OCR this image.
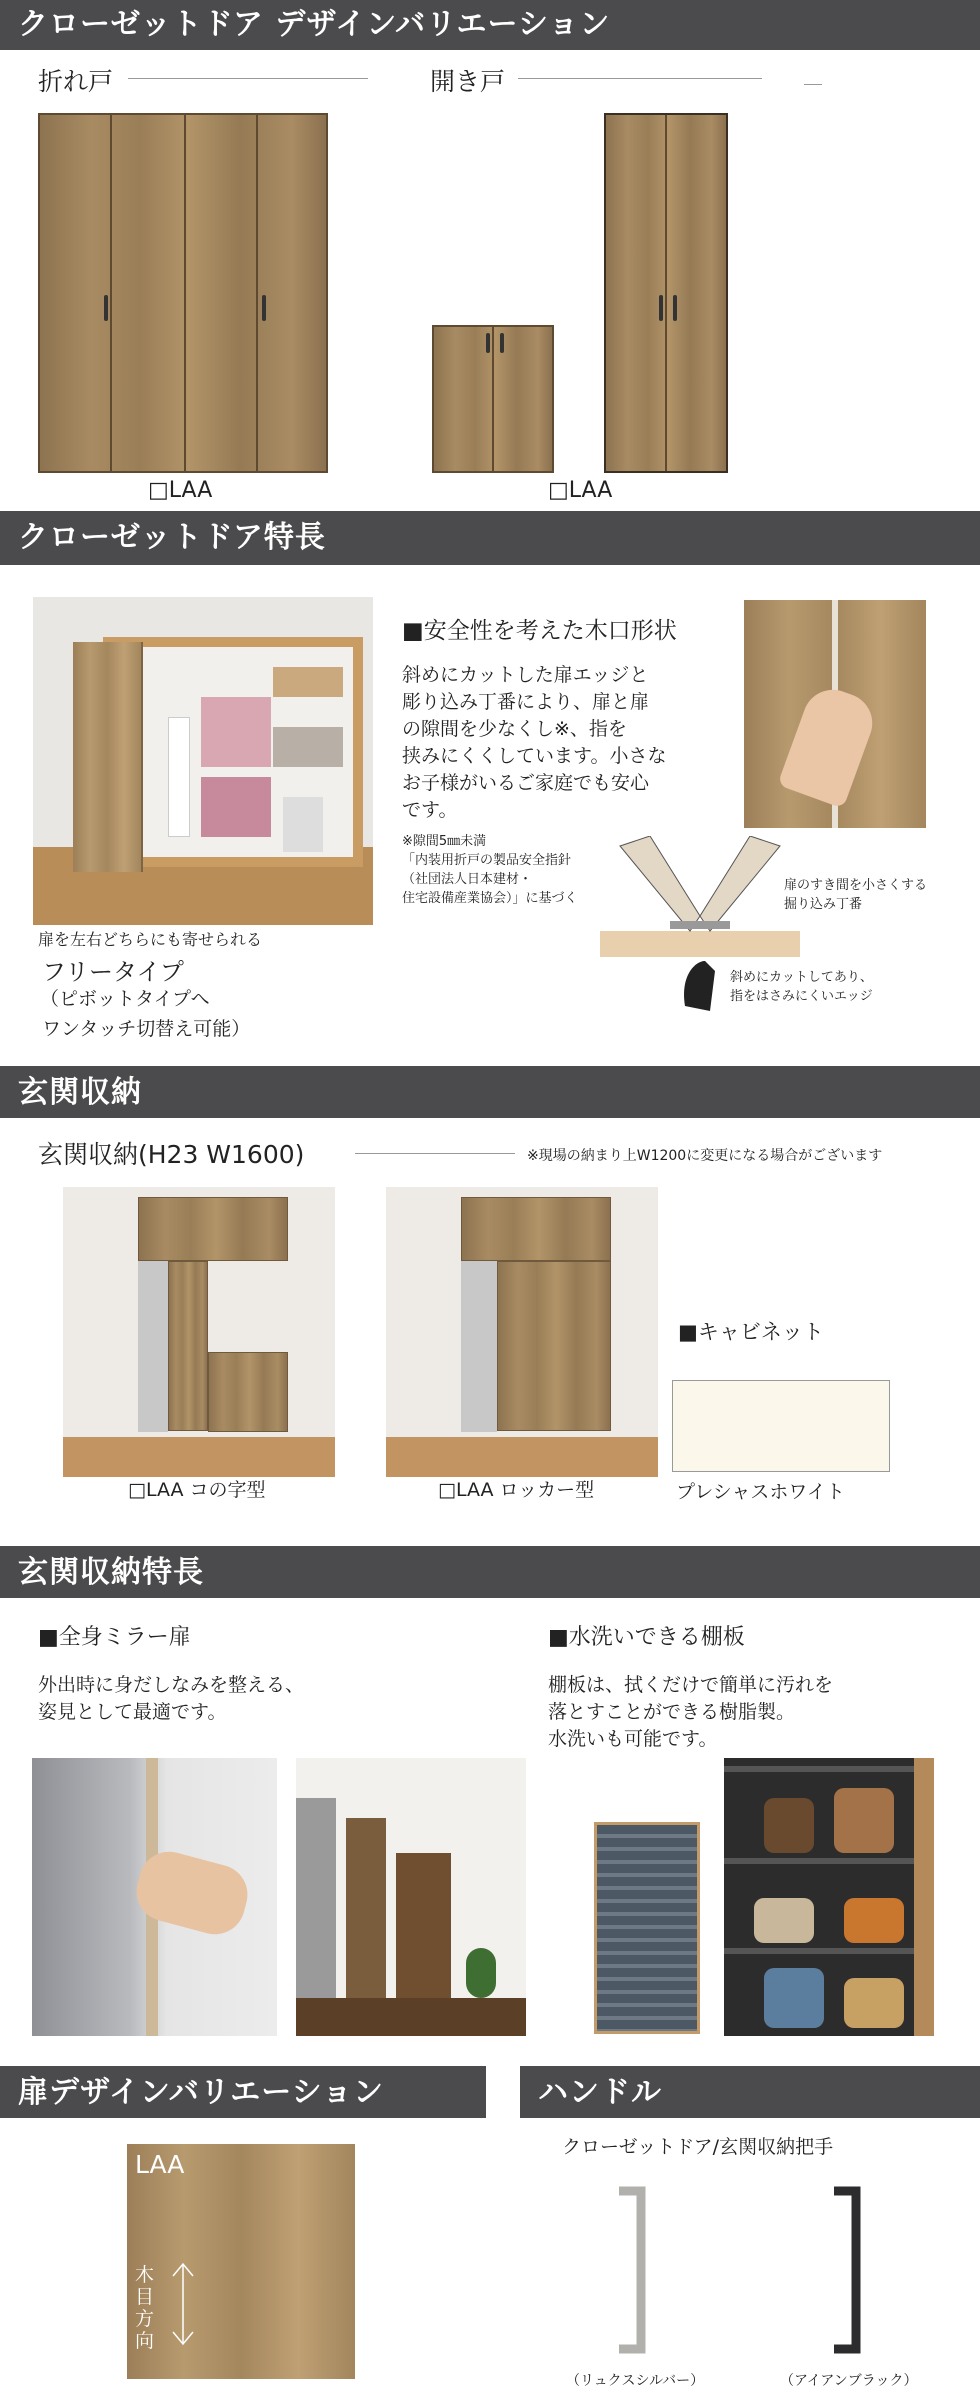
クローゼットドア デザインバリエーション
折れ戸	開き戸
□LAA	□LAA
クローゼットドア特長
扉を左右どちらにも寄せられる
フリータイプ
（ピボットタイプへ
ワンタッチ切替え可能）
■安全性を考えた木口形状
斜めにカットした扉エッジと
彫り込み丁番により、扉と扉
の隙間を少なくし※、指を
挟みにくくしています。小さな
お子様がいるご家庭でも安心
です。
※隙間5㎜未満
「内装用折戸の製品安全指針
（社団法人日本建材・
住宅設備産業協会）」に基づく
扉のすき間を小さくする
掘り込み丁番
斜めにカットしてあり、
指をはさみにくいエッジ
玄関収納
玄関収納(H23 W1600)	※現場の納まり上W1200に変更になる場合がございます
□LAA コの字型	□LAA ロッカー型
■キャビネット
プレシャスホワイト
玄関収納特長
■全身ミラー扉
外出時に身だしなみを整える、
姿見として最適です。
■水洗いできる棚板
棚板は、拭くだけで簡単に汚れを
落とすことができる樹脂製。
水洗いも可能です。
扉デザインバリエーション	ハンドル
LAA
木目方向
クローゼットドア/玄関収納把手
（リュクスシルバー）	（アイアンブラック）
